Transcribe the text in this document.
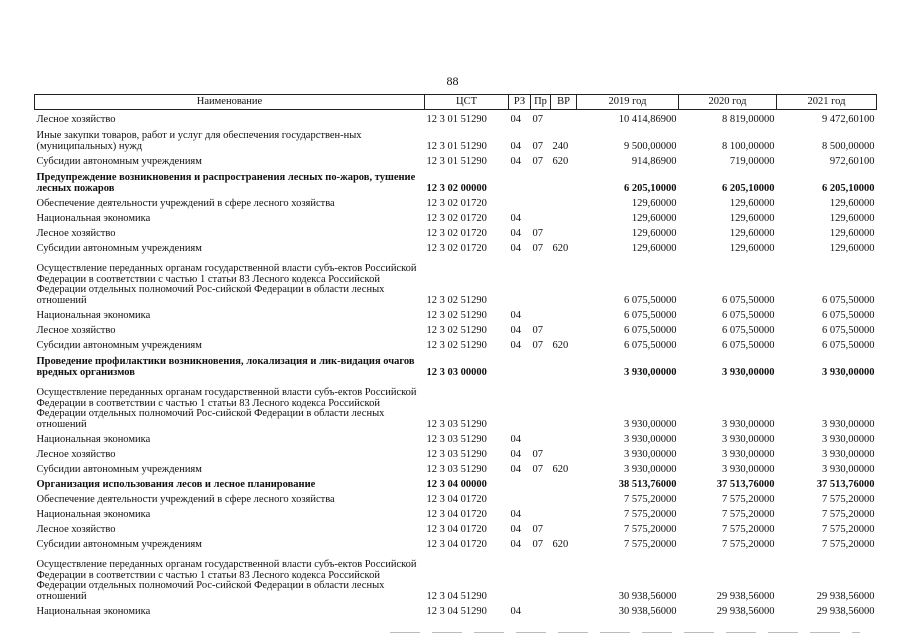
88
Наименование	ЦСТ	РЗ	Пр	ВР	2019 год	2020 год	2021 год
Лесное хозяйство	12 3 01 51290	04	07		10 414,86900	8 819,00000	9 472,60100
Иные закупки товаров, работ и услуг для обеспечения государствен-ных (муниципальных) нужд	12 3 01 51290	04	07	240	9 500,00000	8 100,00000	8 500,00000
Субсидии автономным учреждениям	12 3 01 51290	04	07	620	914,86900	719,00000	972,60100
Предупреждение возникновения и распространения лесных по-жаров, тушение лесных пожаров	12 3 02 00000				6 205,10000	6 205,10000	6 205,10000
Обеспечение деятельности учреждений в сфере лесного хозяйства	12 3 02 01720				129,60000	129,60000	129,60000
Национальная экономика	12 3 02 01720	04			129,60000	129,60000	129,60000
Лесное хозяйство	12 3 02 01720	04	07		129,60000	129,60000	129,60000
Субсидии автономным учреждениям	12 3 02 01720	04	07	620	129,60000	129,60000	129,60000
Осуществление переданных органам государственной власти субъ-ектов Российской Федерации в соответствии с частью 1 статьи 83 Лесного кодекса Российской Федерации отдельных полномочий Рос-сийской Федерации в области лесных отношений	12 3 02 51290				6 075,50000	6 075,50000	6 075,50000
Национальная экономика	12 3 02 51290	04			6 075,50000	6 075,50000	6 075,50000
Лесное хозяйство	12 3 02 51290	04	07		6 075,50000	6 075,50000	6 075,50000
Субсидии автономным учреждениям	12 3 02 51290	04	07	620	6 075,50000	6 075,50000	6 075,50000
Проведение профилактики возникновения, локализация и лик-видация очагов вредных организмов	12 3 03 00000				3 930,00000	3 930,00000	3 930,00000
Осуществление переданных органам государственной власти субъ-ектов Российской Федерации в соответствии с частью 1 статьи 83 Лесного кодекса Российской Федерации отдельных полномочий Рос-сийской Федерации в области лесных отношений	12 3 03 51290				3 930,00000	3 930,00000	3 930,00000
Национальная экономика	12 3 03 51290	04			3 930,00000	3 930,00000	3 930,00000
Лесное хозяйство	12 3 03 51290	04	07		3 930,00000	3 930,00000	3 930,00000
Субсидии автономным учреждениям	12 3 03 51290	04	07	620	3 930,00000	3 930,00000	3 930,00000
Организация использования лесов и лесное планирование	12 3 04 00000				38 513,76000	37 513,76000	37 513,76000
Обеспечение деятельности учреждений в сфере лесного хозяйства	12 3 04 01720				7 575,20000	7 575,20000	7 575,20000
Национальная экономика	12 3 04 01720	04			7 575,20000	7 575,20000	7 575,20000
Лесное хозяйство	12 3 04 01720	04	07		7 575,20000	7 575,20000	7 575,20000
Субсидии автономным учреждениям	12 3 04 01720	04	07	620	7 575,20000	7 575,20000	7 575,20000
Осуществление переданных органам государственной власти субъ-ектов Российской Федерации в соответствии с частью 1 статьи 83 Лесного кодекса Российской Федерации отдельных полномочий Рос-сийской Федерации в области лесных отношений	12 3 04 51290				30 938,56000	29 938,56000	29 938,56000
Национальная экономика	12 3 04 51290	04			30 938,56000	29 938,56000	29 938,56000
